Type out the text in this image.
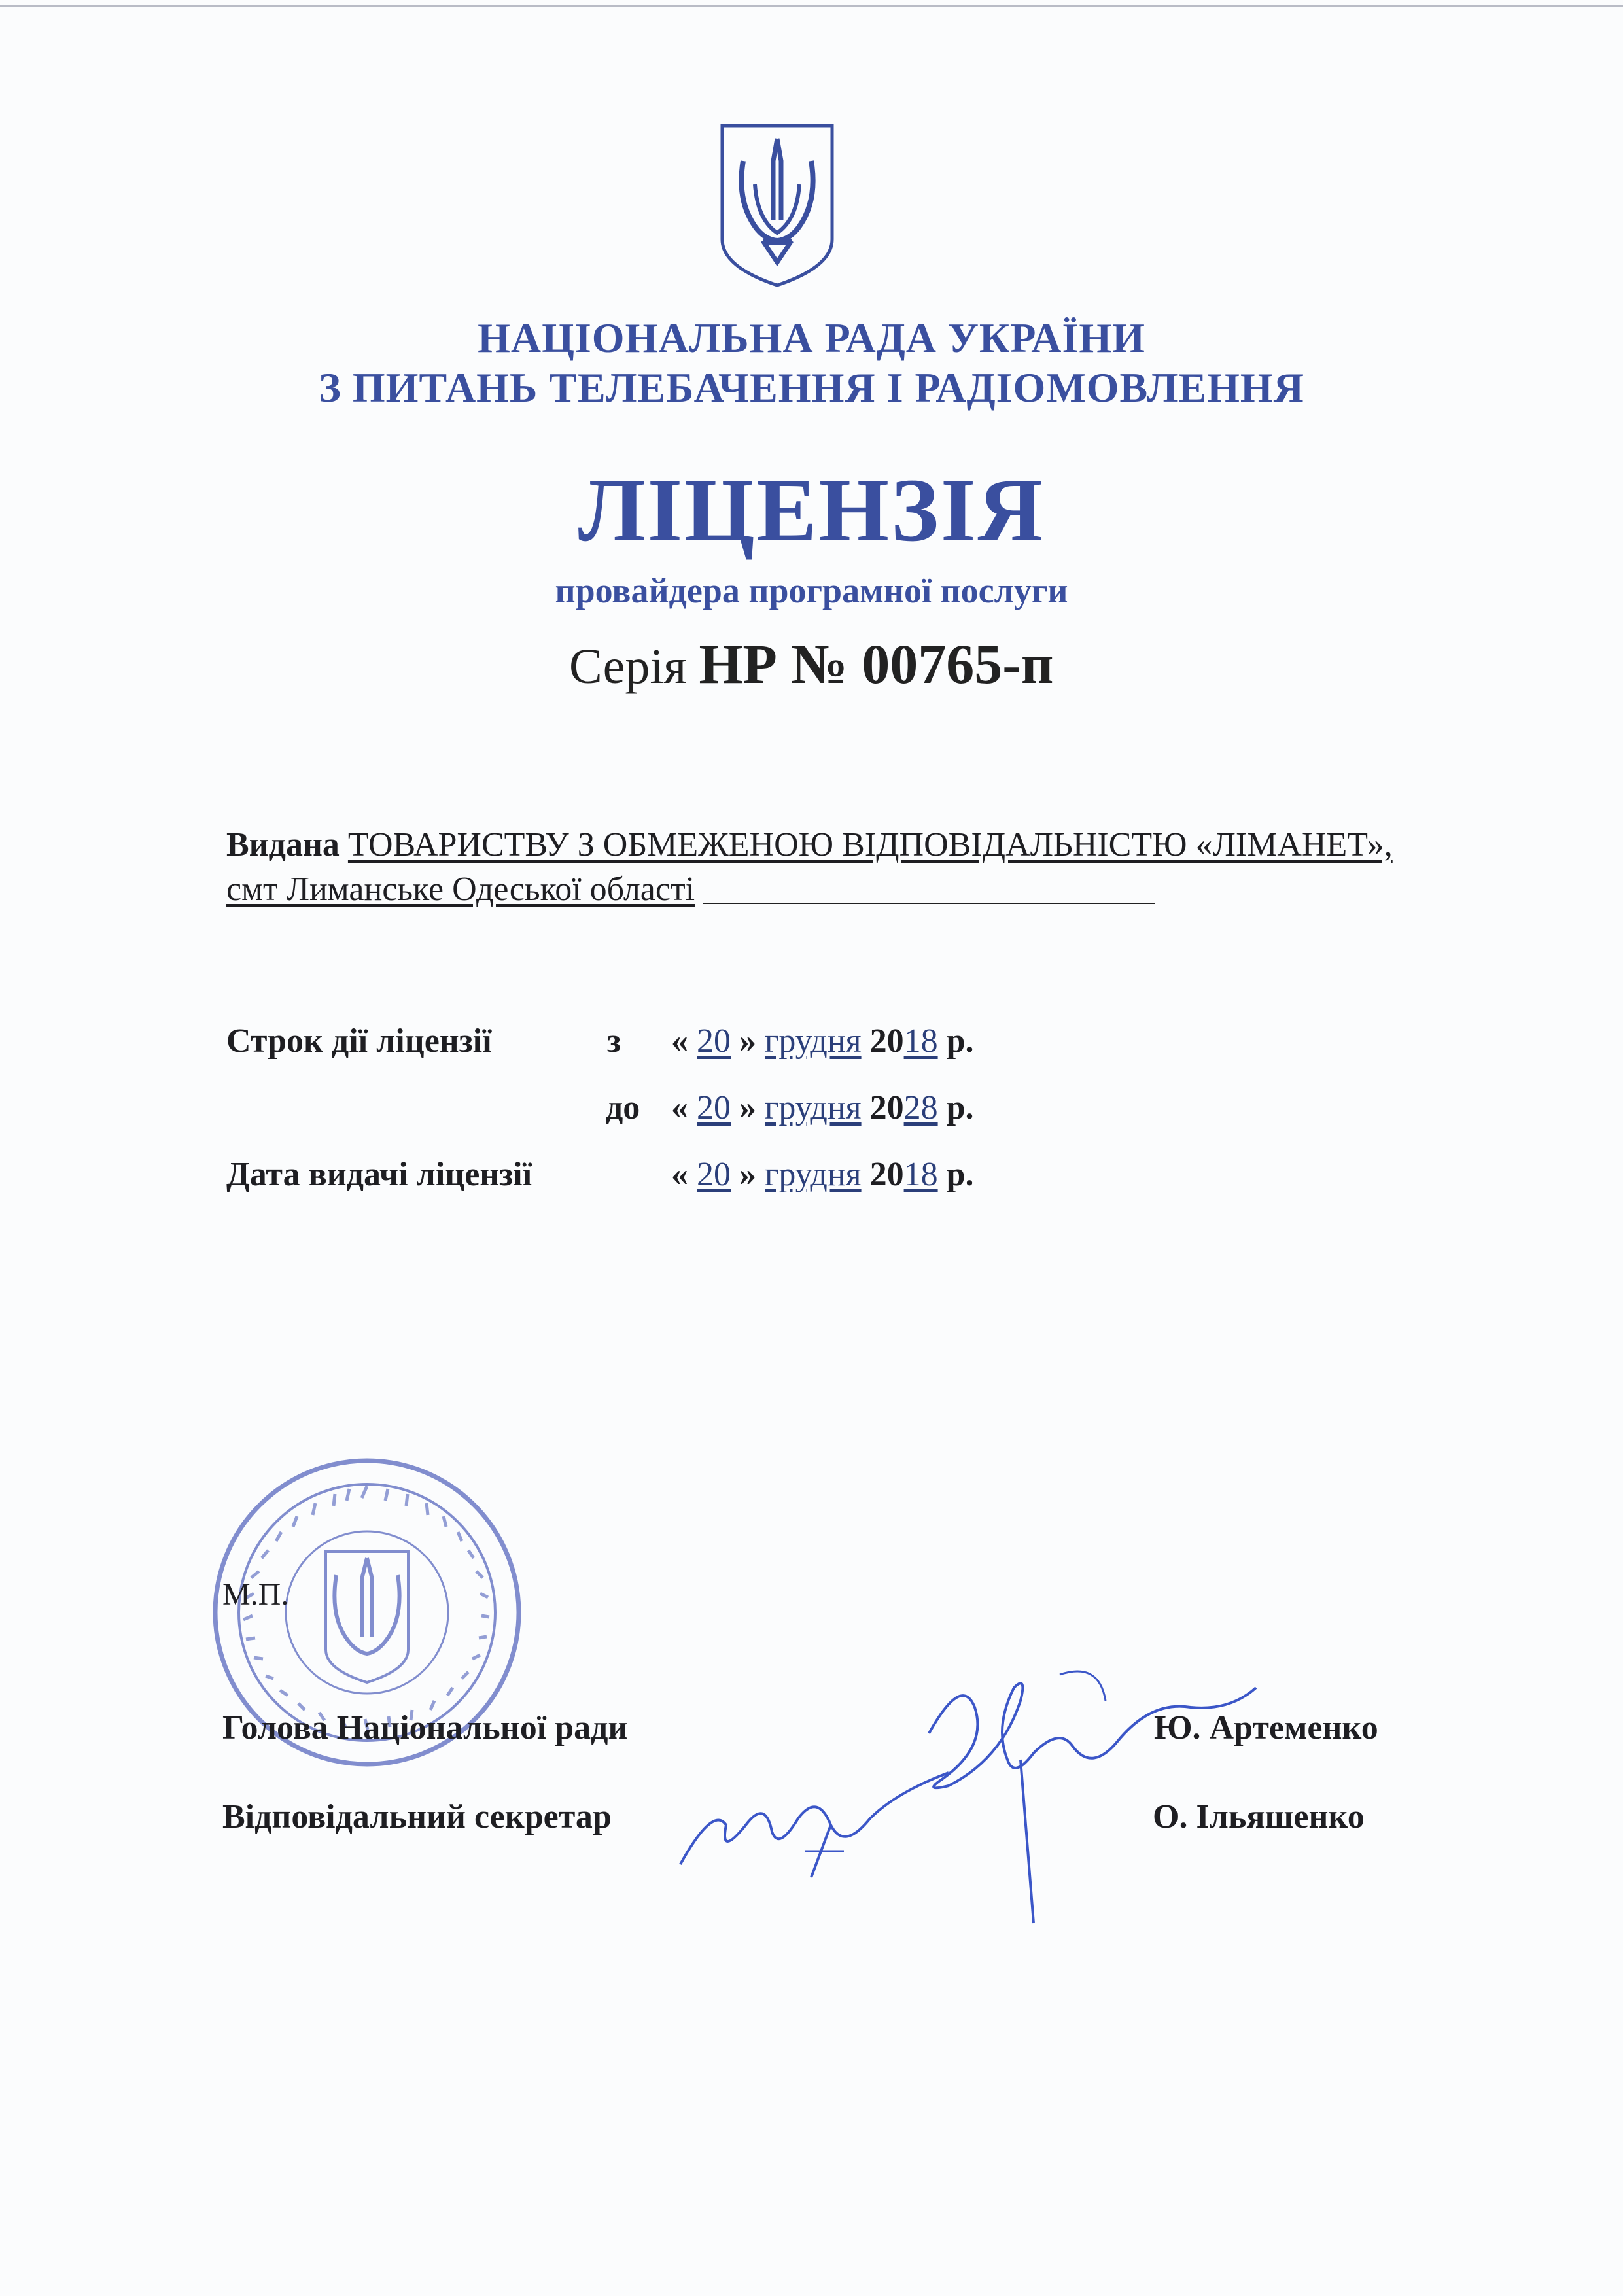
НАЦІОНАЛЬНА РАДА УКРАЇНИ
З ПИТАНЬ ТЕЛЕБАЧЕННЯ І РАДІОМОВЛЕННЯ
ЛІЦЕНЗІЯ
провайдера програмної послуги
Серія НР № 00765-п
Видана ТОВАРИСТВУ З ОБМЕЖЕНОЮ ВІДПОВІДАЛЬНІСТЮ «ЛІМАНЕТ», смт Лиманське Одеської області
Строк дії ліцензії	з « 20 » грудня 2018 р.
до « 20 » грудня 2028 р.
Дата видачі ліцензії	« 20 » грудня 2018 р.
М.П.
Голова Національної ради	Ю. Артеменко
Відповідальний секретар	О. Ільяшенко
